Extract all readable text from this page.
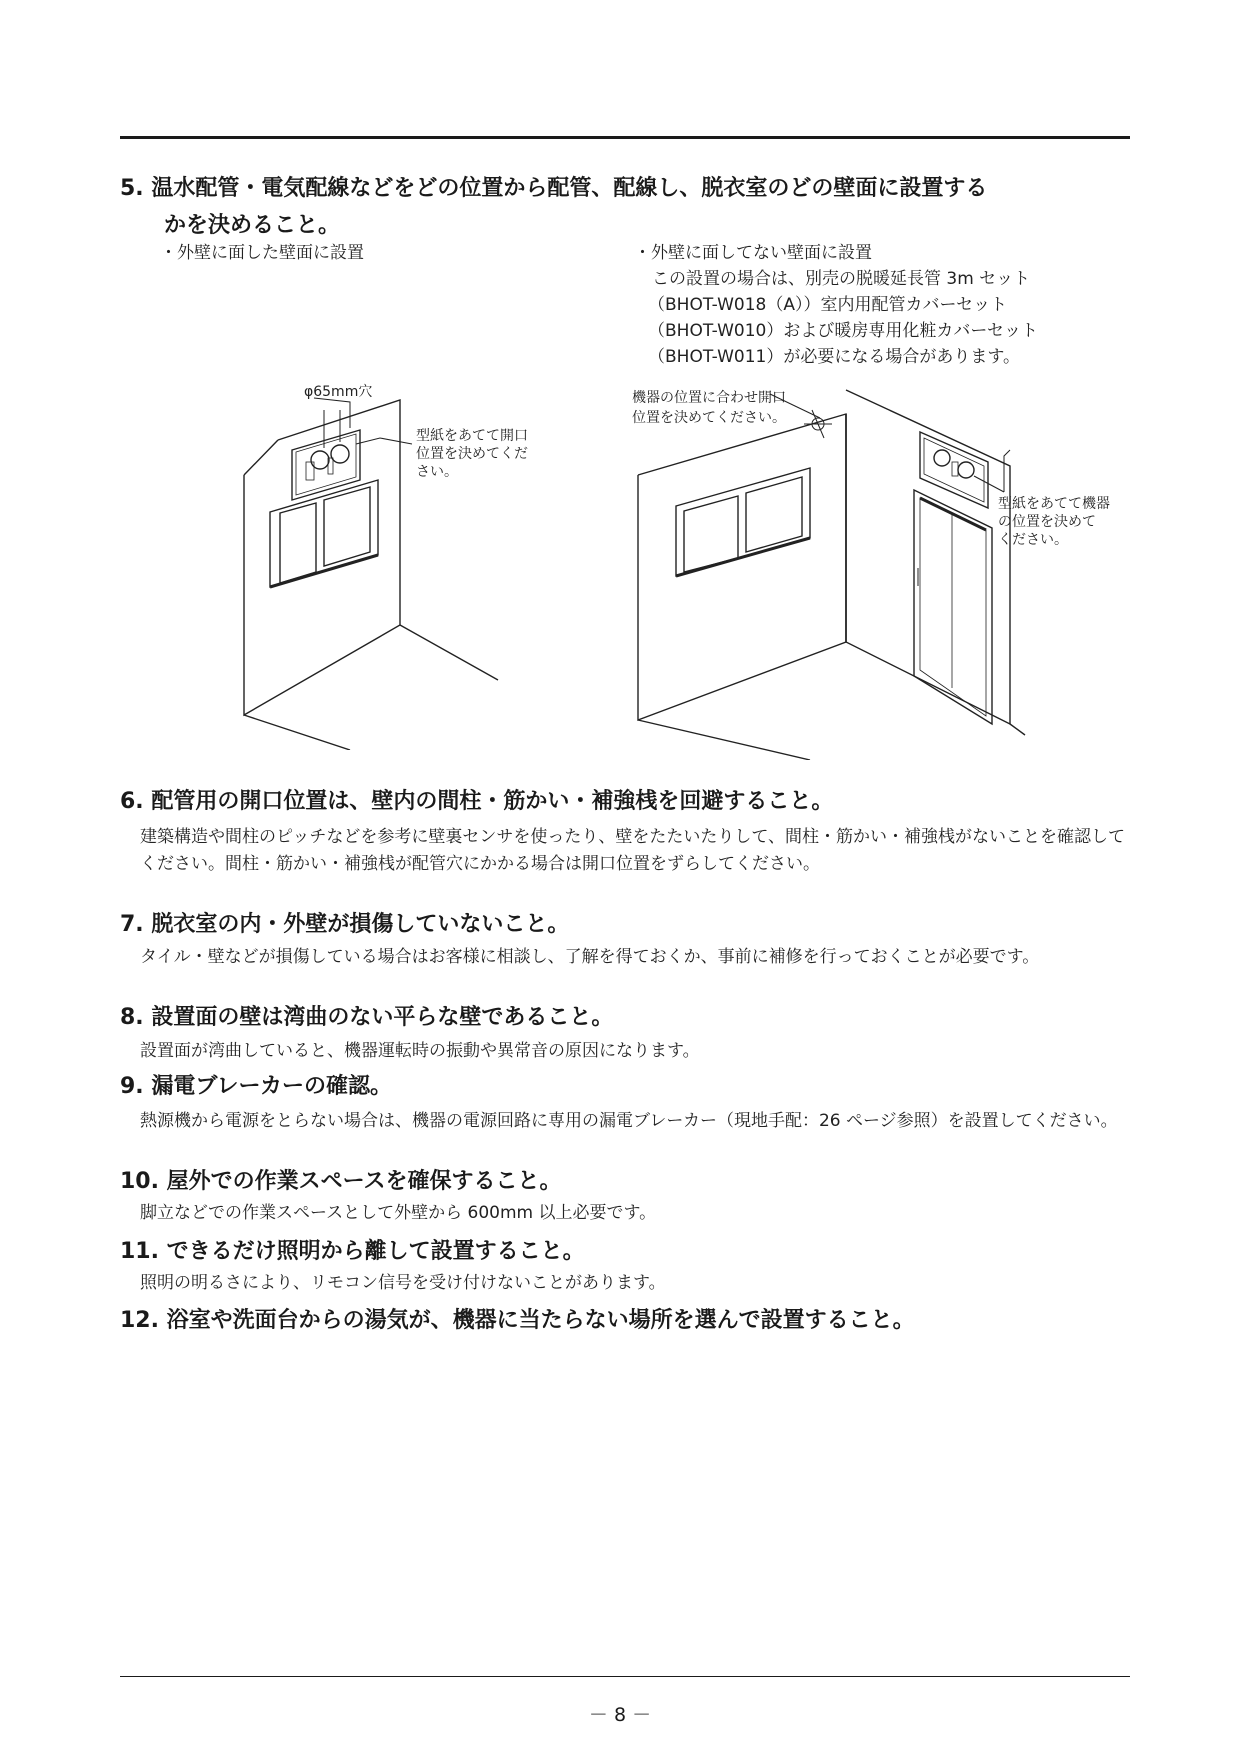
5. 温水配管・電気配線などをどの位置から配管、配線し、脱衣室のどの壁面に設置する
かを決めること。
・外壁に面した壁面に設置	・外壁に面してない壁面に設置
この設置の場合は、別売の脱暖延長管 3m セット
（BHOT-W018（A））室内用配管カバーセット
（BHOT-W010）および暖房専用化粧カバーセット
（BHOT-W011）が必要になる場合があります。
φ65mm穴
型紙をあてて開口
位置を決めてくだ
さい。
機器の位置に合わせ開口
位置を決めてください。
型紙をあてて機器
の位置を決めて
ください。
6. 配管用の開口位置は、壁内の間柱・筋かい・補強桟を回避すること。
建築構造や間柱のピッチなどを参考に壁裏センサを使ったり、壁をたたいたりして、間柱・筋かい・補強桟がないことを確認してください。間柱・筋かい・補強桟が配管穴にかかる場合は開口位置をずらしてください。
7. 脱衣室の内・外壁が損傷していないこと。
タイル・壁などが損傷している場合はお客様に相談し、了解を得ておくか、事前に補修を行っておくことが必要です。
8. 設置面の壁は湾曲のない平らな壁であること。
設置面が湾曲していると、機器運転時の振動や異常音の原因になります。
9. 漏電ブレーカーの確認。
熱源機から電源をとらない場合は、機器の電源回路に専用の漏電ブレーカー（現地手配：26 ページ参照）を設置してください。
10. 屋外での作業スペースを確保すること。
脚立などでの作業スペースとして外壁から 600mm 以上必要です。
11. できるだけ照明から離して設置すること。
照明の明るさにより、リモコン信号を受け付けないことがあります。
12. 浴室や洗面台からの湯気が、機器に当たらない場所を選んで設置すること。
－ 8 －
